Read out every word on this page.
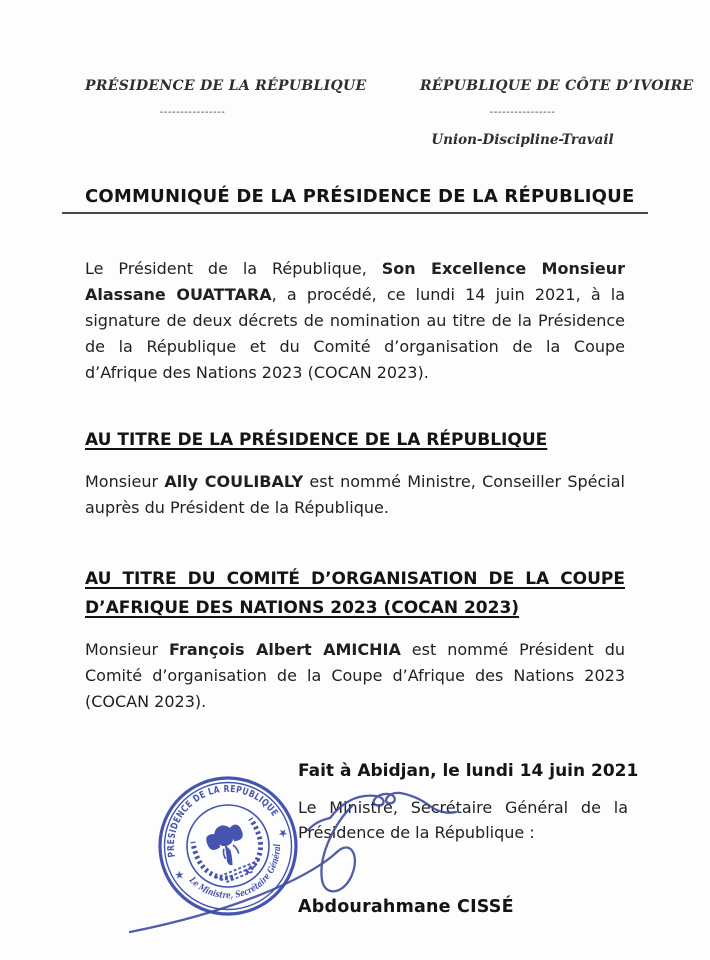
PRÉSIDENCE DE LA RÉPUBLIQUE
----------------
RÉPUBLIQUE DE CÔTE D’IVOIRE
----------------
Union-Discipline-Travail
COMMUNIQUÉ DE LA PRÉSIDENCE DE LA RÉPUBLIQUE

Le Président de la République, Son Excellence Monsieur Alassane OUATTARA, a procédé, ce lundi 14 juin 2021, à la signature de deux décrets de nomination au titre de la Présidence de la République et du Comité d’organisation de la Coupe d’Afrique des Nations 2023 (COCAN 2023).

AU TITRE DE LA PRÉSIDENCE DE LA RÉPUBLIQUE

Monsieur Ally COULIBALY est nommé Ministre, Conseiller Spécial auprès du Président de la République.

AU TITRE DU COMITÉ D’ORGANISATION DE LA COUPE D’AFRIQUE DES NATIONS 2023 (COCAN 2023)

Monsieur François Albert AMICHIA est nommé Président du Comité d’organisation de la Coupe d’Afrique des Nations 2023 (COCAN 2023).

Fait à Abidjan, le lundi 14 juin 2021
Le Ministre, Secrétaire Général de la Présidence de la République :
Abdourahmane CISSÉ
PRESIDENCE DE LA REPUBLIQUE
Le Ministre, Secrétaire Général
★
★
